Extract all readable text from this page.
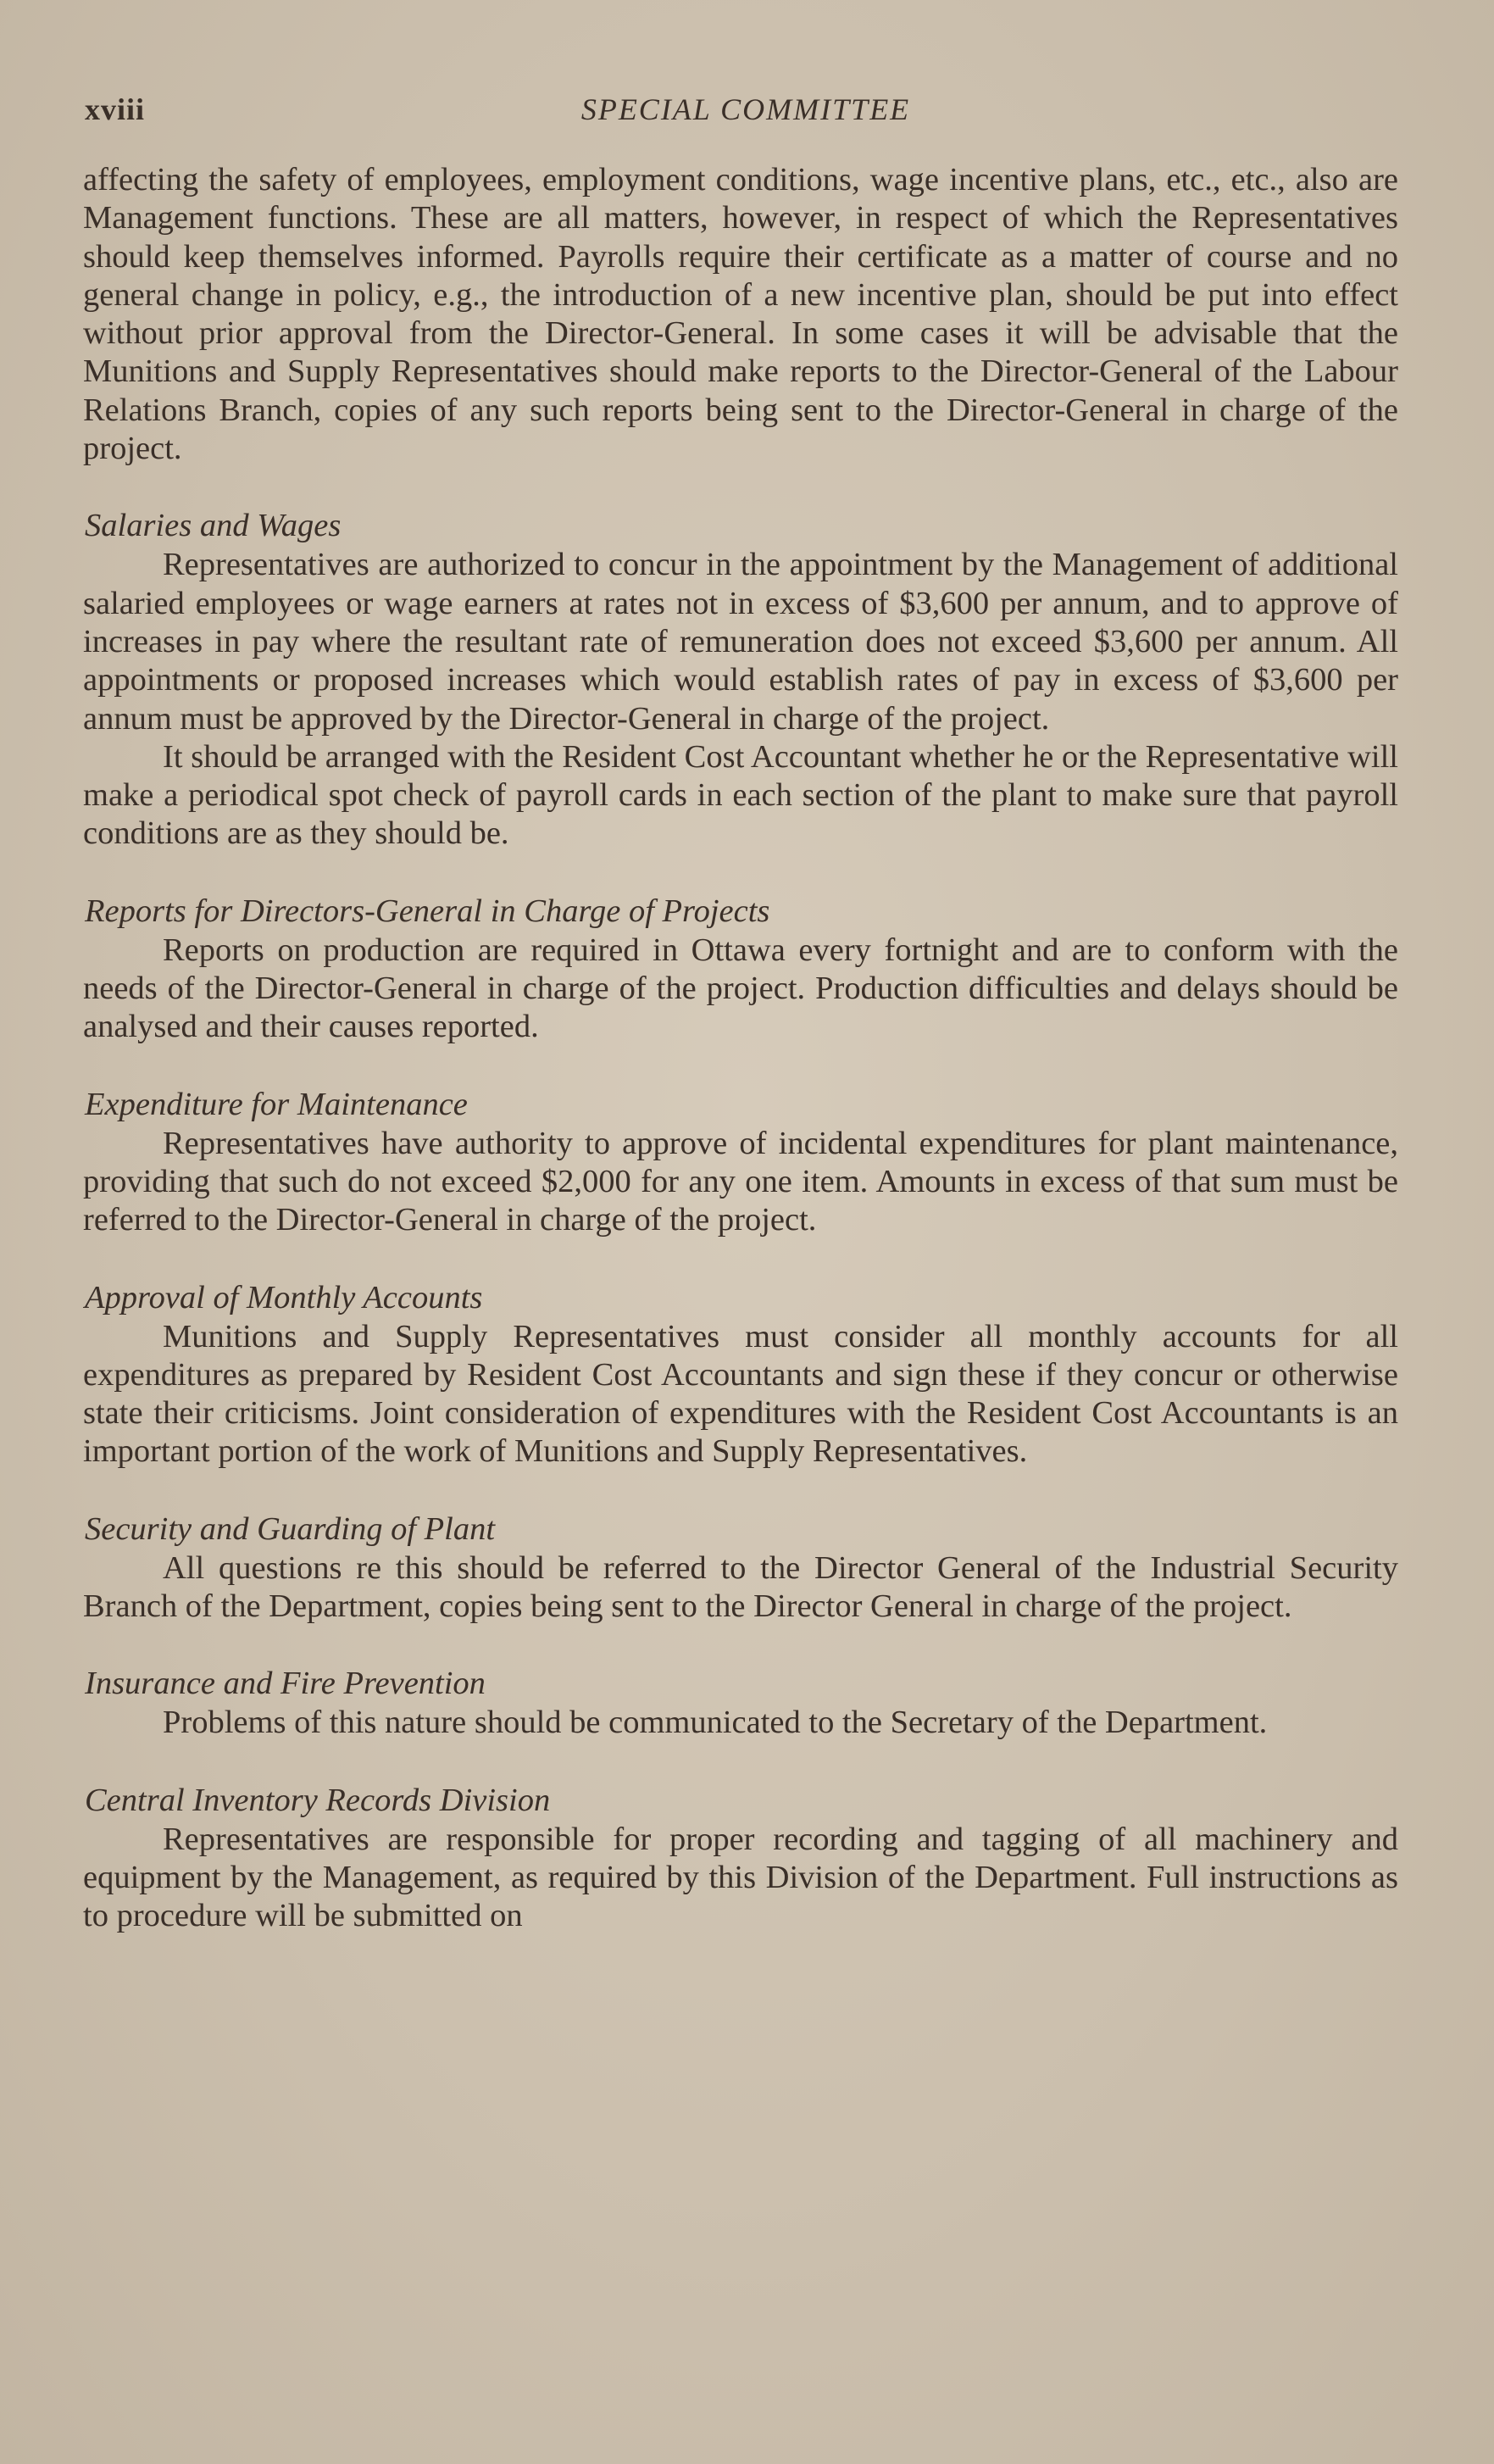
xviii	SPECIAL COMMITTEE

affecting the safety of employees, employment conditions, wage incentive plans, etc., etc., also are Management functions. These are all matters, however, in respect of which the Representatives should keep themselves informed. Payrolls require their certificate as a matter of course and no general change in policy, e.g., the introduction of a new incentive plan, should be put into effect without prior approval from the Director-General. In some cases it will be advisable that the Munitions and Supply Representatives should make reports to the Director-General of the Labour Relations Branch, copies of any such reports being sent to the Director-General in charge of the project.

Salaries and Wages

Representatives are authorized to concur in the appointment by the Management of additional salaried employees or wage earners at rates not in excess of $3,600 per annum, and to approve of increases in pay where the resultant rate of remuneration does not exceed $3,600 per annum. All appointments or proposed increases which would establish rates of pay in excess of $3,600 per annum must be approved by the Director-General in charge of the project.

It should be arranged with the Resident Cost Accountant whether he or the Representative will make a periodical spot check of payroll cards in each section of the plant to make sure that payroll conditions are as they should be.

Reports for Directors-General in Charge of Projects

Reports on production are required in Ottawa every fortnight and are to conform with the needs of the Director-General in charge of the project. Production difficulties and delays should be analysed and their causes reported.

Expenditure for Maintenance

Representatives have authority to approve of incidental expenditures for plant maintenance, providing that such do not exceed $2,000 for any one item. Amounts in excess of that sum must be referred to the Director-General in charge of the project.

Approval of Monthly Accounts

Munitions and Supply Representatives must consider all monthly accounts for all expenditures as prepared by Resident Cost Accountants and sign these if they concur or otherwise state their criticisms. Joint consideration of expenditures with the Resident Cost Accountants is an important portion of the work of Munitions and Supply Representatives.

Security and Guarding of Plant

All questions re this should be referred to the Director General of the Industrial Security Branch of the Department, copies being sent to the Director General in charge of the project.

Insurance and Fire Prevention

Problems of this nature should be communicated to the Secretary of the Department.

Central Inventory Records Division

Representatives are responsible for proper recording and tagging of all machinery and equipment by the Management, as required by this Division of the Department. Full instructions as to procedure will be submitted on
